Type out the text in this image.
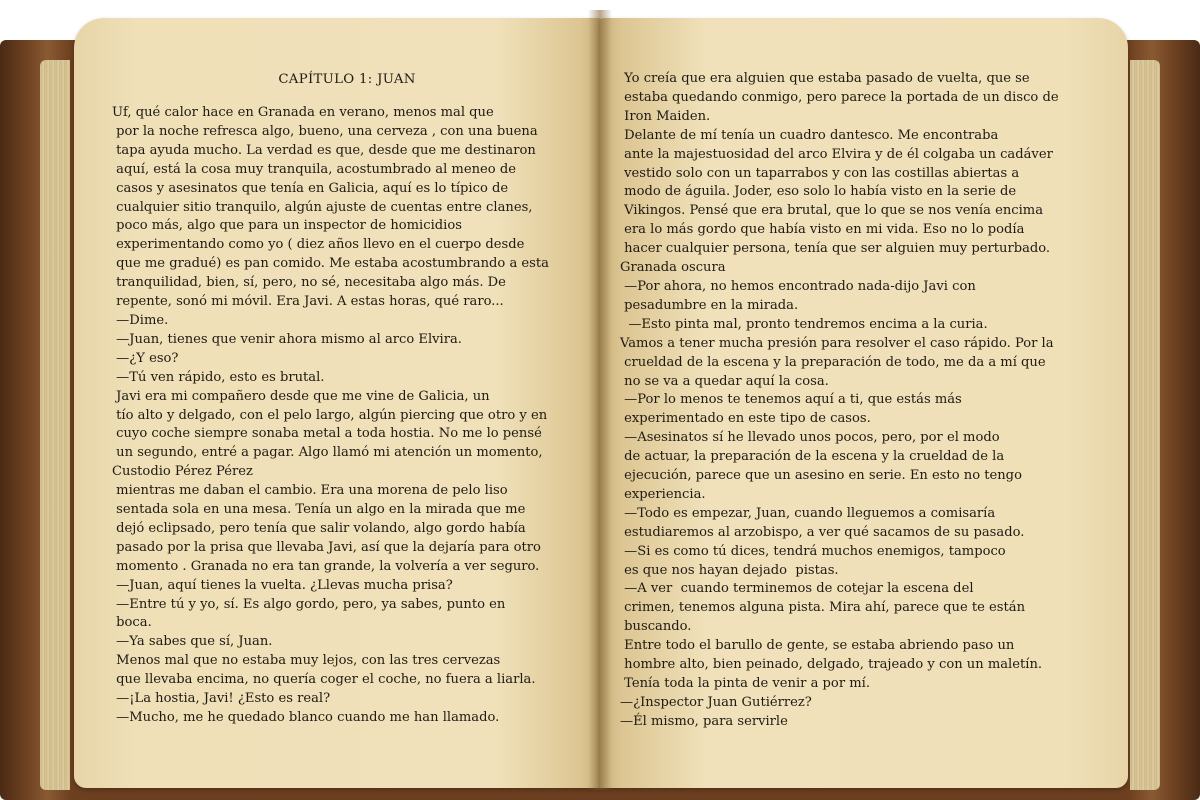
CAPÍTULO 1: JUAN
Uf, qué calor hace en Granada en verano, menos mal que
por la noche refresca algo, bueno, una cerveza , con una buena
tapa ayuda mucho. La verdad es que, desde que me destinaron
aquí, está la cosa muy tranquila, acostumbrado al meneo de
casos y asesinatos que tenía en Galicia, aquí es lo típico de
cualquier sitio tranquilo, algún ajuste de cuentas entre clanes,
poco más, algo que para un inspector de homicidios
experimentando como yo ( diez años llevo en el cuerpo desde
que me gradué) es pan comido. Me estaba acostumbrando a esta
tranquilidad, bien, sí, pero, no sé, necesitaba algo más. De
repente, sonó mi móvil. Era Javi. A estas horas, qué raro...
—Dime.
—Juan, tienes que venir ahora mismo al arco Elvira.
—¿Y eso?
—Tú ven rápido, esto es brutal.
Javi era mi compañero desde que me vine de Galicia, un
tío alto y delgado, con el pelo largo, algún piercing que otro y en
cuyo coche siempre sonaba metal a toda hostia. No me lo pensé
un segundo, entré a pagar. Algo llamó mi atención un momento,
Custodio Pérez Pérez
mientras me daban el cambio. Era una morena de pelo liso
sentada sola en una mesa. Tenía un algo en la mirada que me
dejó eclipsado, pero tenía que salir volando, algo gordo había
pasado por la prisa que llevaba Javi, así que la dejaría para otro
momento . Granada no era tan grande, la volvería a ver seguro.
—Juan, aquí tienes la vuelta. ¿Llevas mucha prisa?
—Entre tú y yo, sí. Es algo gordo, pero, ya sabes, punto en
boca.
—Ya sabes que sí, Juan.
Menos mal que no estaba muy lejos, con las tres cervezas
que llevaba encima, no quería coger el coche, no fuera a liarla.
—¡La hostia, Javi! ¿Esto es real?
—Mucho, me he quedado blanco cuando me han llamado.
Yo creía que era alguien que estaba pasado de vuelta, que se
estaba quedando conmigo, pero parece la portada de un disco de
Iron Maiden.
Delante de mí tenía un cuadro dantesco. Me encontraba
ante la majestuosidad del arco Elvira y de él colgaba un cadáver
vestido solo con un taparrabos y con las costillas abiertas a
modo de águila. Joder, eso solo lo había visto en la serie de
Vikingos. Pensé que era brutal, que lo que se nos venía encima
era lo más gordo que había visto en mi vida. Eso no lo podía
hacer cualquier persona, tenía que ser alguien muy perturbado.
Granada oscura
—Por ahora, no hemos encontrado nada-dijo Javi con
pesadumbre en la mirada.
—Esto pinta mal, pronto tendremos encima a la curia.
Vamos a tener mucha presión para resolver el caso rápido. Por la
crueldad de la escena y la preparación de todo, me da a mí que
no se va a quedar aquí la cosa.
—Por lo menos te tenemos aquí a ti, que estás más
experimentado en este tipo de casos.
—Asesinatos sí he llevado unos pocos, pero, por el modo
de actuar, la preparación de la escena y la crueldad de la
ejecución, parece que un asesino en serie. En esto no tengo
experiencia.
—Todo es empezar, Juan, cuando lleguemos a comisaría
estudiaremos al arzobispo, a ver qué sacamos de su pasado.
—Si es como tú dices, tendrá muchos enemigos, tampoco
es que nos hayan dejado  pistas.
—A ver  cuando terminemos de cotejar la escena del
crimen, tenemos alguna pista. Mira ahí, parece que te están
buscando.
Entre todo el barullo de gente, se estaba abriendo paso un
hombre alto, bien peinado, delgado, trajeado y con un maletín.
Tenía toda la pinta de venir a por mí.
—¿Inspector Juan Gutiérrez?
—Él mismo, para servirle
